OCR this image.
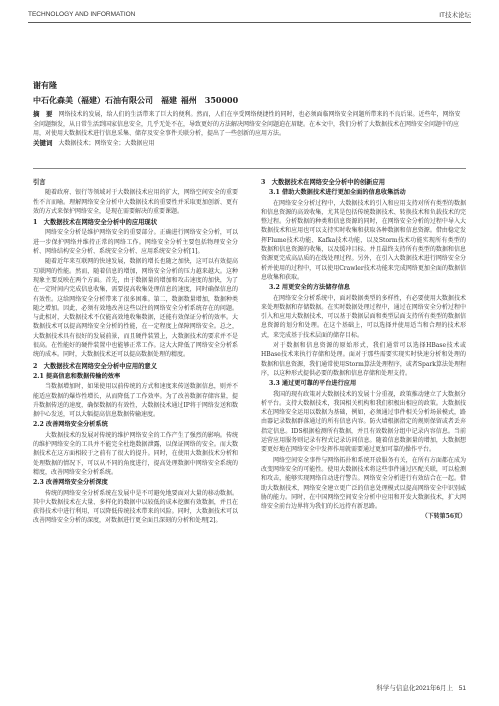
TECHNOLOGY AND INFORMATION	IT技术论坛
谢有隆
中石化森美（福建）石油有限公司　福建 福州　350000

摘　要 网络技术的发展，给人们的生活带来了巨大的便利。然而，人们在享受网络便捷性的同时，也必须面临网络安全问题所带来的不良后果。近些年，网络安全问题频发，从日常生活到国家信息安全，几乎无处不在，导致更好的方法解决网络安全问题迫在眉睫。在本文中，我们分析了大数据技术在网络安全问题中的应用，对使用大数据技术进行信息采集、储存及安全事件关联分析，提出了一些创新的应用方法。

关键词 大数据技术；网络安全；大数据应用

引言

随着政府、银行等领域对于大数据技术应用的扩大，网络空间安全的重要性不言而喻。理解网络安全分析中大数据技术的重要性并采取更加创新、更有效的方式来保护网络安全，是现在需要解决的重要课题。

1　大数据技术在网络安全分析中的应用现状

网络安全分析是维护网络安全的重要部分。正确进行网络安全分析，可以进一步保护网络并维持正常的网络工作。网络安全分析主要包括物理安全分析、网络结构安全分析、系统安全分析、应用系统安全分析[1]。

随着近年来互联网的快速发展，数据的增长也随之加快，这可以有效提高互联网的性能。然而，随着信息的增加，网络安全分析的压力越来越大。这种现象主要反映在两个方面。首先，由于数据量的增加和攻击速度的加快，为了在一定时间内完成信息收集，需要提高收集处理信息的速度，同时确保信息的有效性。这给网络安全分析带来了很多困难。第二，数据数量增加，数据种类随之增加。因此，必须有效地改善这些以往的网络安全分析系统存在的问题。与此相对，大数据技术不仅能高效地收集数据，还能有效保证分析的效率。大数据技术可以提高网络安全分析的性能，在一定程度上保障网络安全。总之，大数据技术具有很好的发展前景，而且硬件装置上，大数据技术的要求并不是很高。在性能好的硬件装置中也能够正常工作。这大大降低了网络安全分析系统的成本。同时，大数据技术还可以提高数据处理的精度。

2　大数据技术在网络安全分析中应用的意义
2.1 提高信息和数据传输的效率

当数据增加时，如果使用以前传统的方式和速度来传送数据信息，则并不能适应数据的爆炸性增长，从而降低了工作效率。为了改善数据存储容量，提升数据传送的速度，确保数据的有效性，大数据技术通过IP将于网络发送和数据中心发送，可以大幅提高信息数据传输速度。

2.2 改善网络安全分析系统

大数据技术的发展对传统的维护网络安全的工作产生了强烈的影响。传统的维护网络安全的工具并不能完全杜绝数据泄露，以保证网络的安全。而大数据技术在这方面相较于之前有了很大的提升。同时，在使用大数据技术分析和处理数据的情况下，可以从不同的角度进行，提高处理数据中网络安全系统的精度，改善网络安全分析系统。

2.3 改善网络安全分析深度

传统的网络安全分析系统在发展中是不可避免地要面对大量的移动数据。其中大数据技术在大量、多样化的数据中以较低的成本挖掘有效数据，并且在获得技术中进行利用，可以降低传统技术带来的风险。同时，大数据技术可以改善网络安全分析的深度，对数据进行更全面且深刻的分析和处理[2]。

3　大数据技术在网络安全分析中的创新应用
3.1 借助大数据技术进行更加全面的信息收集活动

在网络安全分析过程中，大数据技术的引入和应用支持对所有类型的数据和信息资源的高效收集，尤其是包括传统数据技术、转换技术和负载技术的完整过程。分析数据的种类和信息资源的同时，在网络安全分析的过程中导入大数据技术和应用也可以支持实时收集和获取各种数据和信息资源。借由稳定发挥Flume技术功能、Kafka技术功能，以及Storm技术功能实现所有类型的数据和信息资源的收集，以及缓冲目标。并且最终支持所有类型的数据和信息资源更完成高品质的在线处理过程。另外，在引入大数据技术进行网络安全分析并使用的过程中，可以使用Crawler技术功能来完成网络更加全面的数据信息收集和获取。

3.2 用更安全的方法储存信息

在网络安全分析系统中，面对数据类型的多样性，有必要使用大数据技术来处理数据和存储数据。在实时数据处理过程中，通过在网络安全分析过程中引入和应用大数据技术，可以基于数据层面和类型层面支持所有类型的数据信息资源的划分和处理。在这个基础上，可以选择并使用适当和合理的技术形式，来完成基于技术层面的储存目标。

对于数据和信息资源的原始形式，我们通常可以选择HBase技术或HBase技术来执行存储和处理。面对于那些需要实现实时快速分析和处理的数据和信息资源，我们通常使用Storm算法处理程序，或者Spark算法处理程序，以这种形式提供必要的数据和信息存储和处理支持。

3.3 通过更可靠的平台进行应用

我国的现有政策对大数据技术的发展十分重视，政策推动建立了大数据分析平台。支持大数据技术，我国相关机构和我们积极出相应的政策。大数据技术在网络安全运用以数据为基础，例如，必须通过事件相关分析场景模式，路由器记录数据群落通过的所有信息内容。防火墙根据指定的规则保留或者丢弃指定信息。IDS根据检测所有数据，并且有效数据分组中记录内容信息。当前运营应用服务则记录有程式记录访问信息。随着信息数据量的增加，大数据想要更好地在网络安全中发挥作用就需要通过更加可靠的操作平台。

网络空间安全事件与网络拓扑和系统开放服务有关，在所有方面都在成为改变网络安全的可能性。使用大数据技术将这些事件通过匹配关联，可以检测和攻击，能够实现网络自动进行警告。网络安全分析进行有效结合在一起。借助大数据技术，网络安全建立更广泛的信息处理模式以提高网络安全中识别威胁的能力。同时，在中国网络空间安全分析中应用和开发大数据技术，扩大网络安全前台边界将为我们的长远持有新思路。

（下转第56页）
科学与信息化2021年6月上 51
